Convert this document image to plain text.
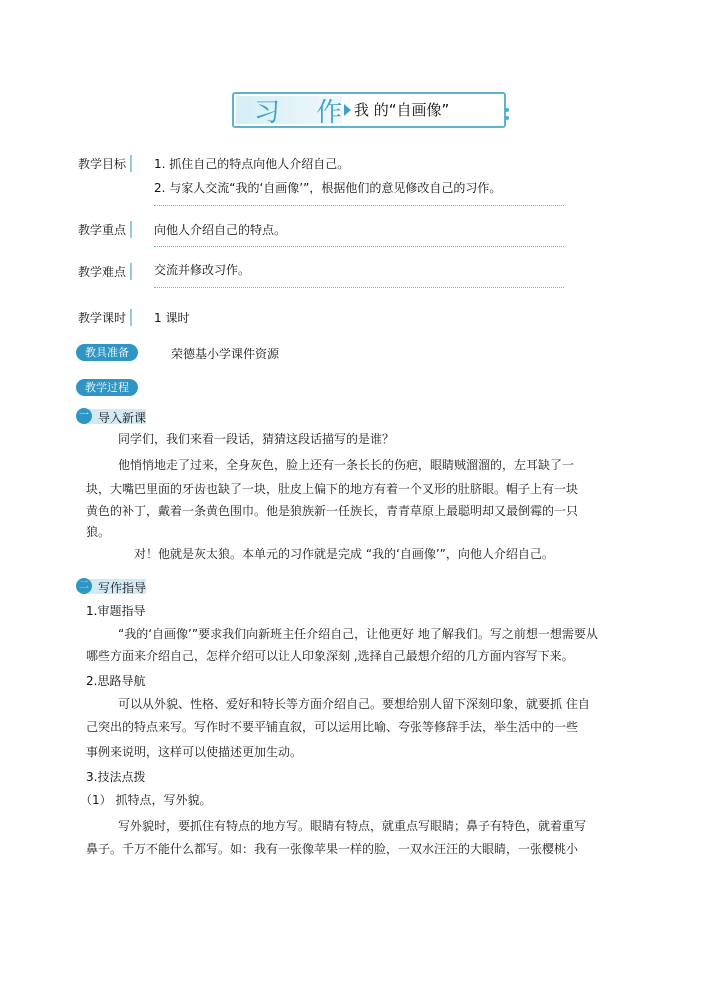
习 作
我 的“自画像”
教学目标	1. 抓住自己的特点向他人介绍自己。
2. 与家人交流“我的‘自画像’”，根据他们的意见修改自己的习作。
教学重点	向他人介绍自己的特点。
教学难点	交流并修改习作。
教学课时	1 课时
教具准备	荣德基小学课件资源
教学过程
一 导入新课
同学们，我们来看一段话，猜猜这段话描写的是谁？
他悄悄地走了过来，全身灰色，脸上还有一条长长的伤疤，眼睛贼溜溜的，左耳缺了一
块，大嘴巴里面的牙齿也缺了一块，肚皮上偏下的地方有着一个叉形的肚脐眼。帽子上有一块
黄色的补丁，戴着一条黄色围巾。他是狼族新一任族长，青青草原上最聪明却又最倒霉的一只
狼。
对！他就是灰太狼。本单元的习作就是完成 “我的‘自画像’”，向他人介绍自己。
二 写作指导
1.审题指导
“我的‘自画像’”要求我们向新班主任介绍自己，让他更好 地了解我们。写之前想一想需要从
哪些方面来介绍自己，怎样介绍可以让人印象深刻 ,选择自己最想介绍的几方面内容写下来。
2.思路导航
可以从外貌、性格、爱好和特长等方面介绍自己。要想给别人留下深刻印象，就要抓 住自
己突出的特点来写。写作时不要平铺直叙，可以运用比喻、夸张等修辞手法，举生活中的一些
事例来说明，这样可以使描述更加生动。
3.技法点拨
（1） 抓特点，写外貌。
写外貌时，要抓住有特点的地方写。眼睛有特点，就重点写眼睛；鼻子有特色，就着重写
鼻子。千万不能什么都写。如：我有一张像苹果一样的脸，一双水汪汪的大眼睛，一张樱桃小
